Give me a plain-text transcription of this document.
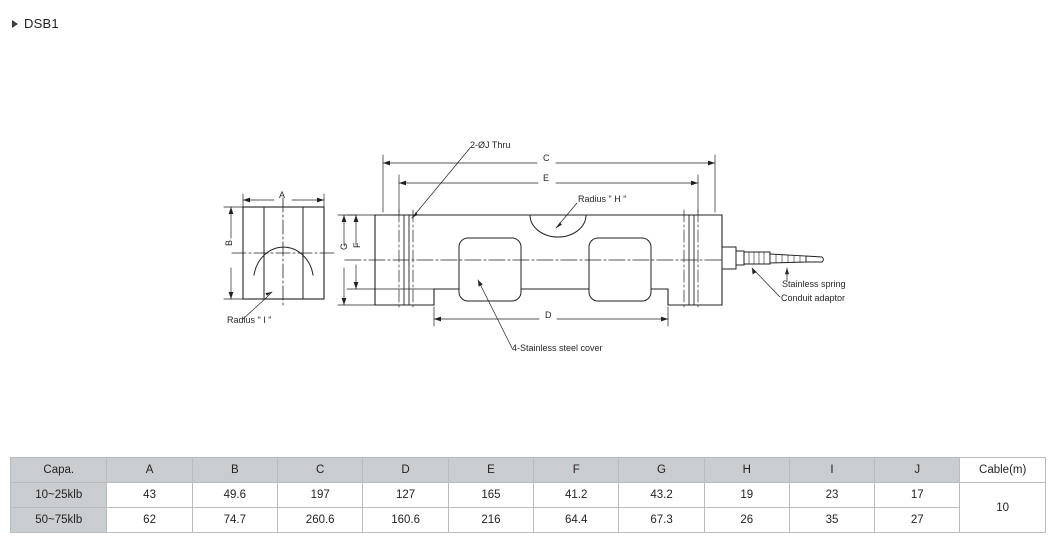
DSB1
2-ØJ Thru
Radius " H "
Radius " I "
4-Stainless steel cover
Stainless spring
Conduit adaptor
A
B
C
D
E
F
G
Capa.	A	B	C	D	E	F	G	H	I	J	Cable(m)
10~25klb	43	49.6	197	127	165	41.2	43.2	19	23	17	10
50~75klb	62	74.7	260.6	160.6	216	64.4	67.3	26	35	27	
